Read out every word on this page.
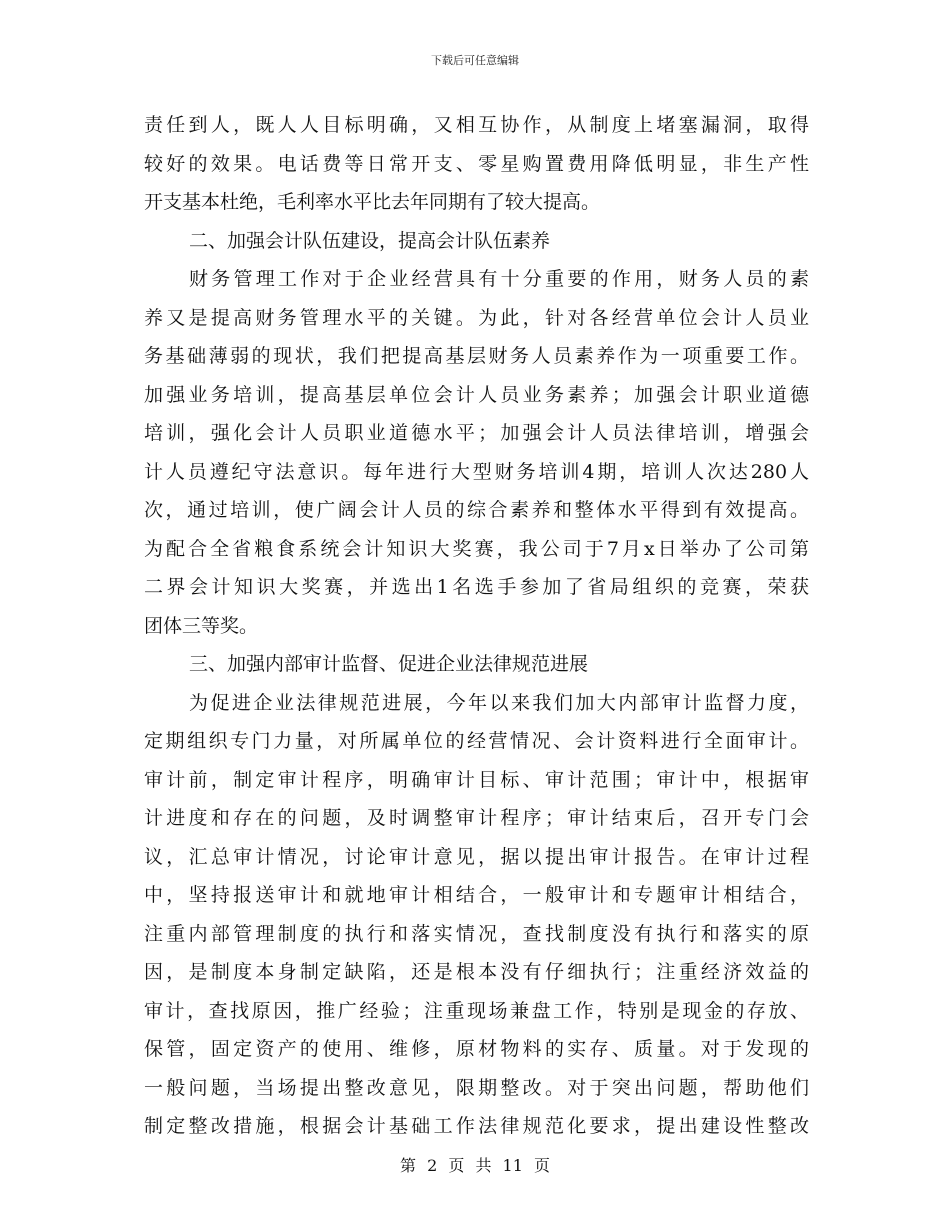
下载后可任意编辑
责任到人，既人人目标明确，又相互协作，从制度上堵塞漏洞，取得
较好的效果。电话费等日常开支、零星购置费用降低明显，非生产性
开支基本杜绝，毛利率水平比去年同期有了较大提高。
二、加强会计队伍建设，提高会计队伍素养
财务管理工作对于企业经营具有十分重要的作用，财务人员的素
养又是提高财务管理水平的关键。为此，针对各经营单位会计人员业
务基础薄弱的现状，我们把提高基层财务人员素养作为一项重要工作。
加强业务培训，提高基层单位会计人员业务素养；加强会计职业道德
培训，强化会计人员职业道德水平；加强会计人员法律培训，增强会
计人员遵纪守法意识。每年进行大型财务培训4期，培训人次达280人
次，通过培训，使广阔会计人员的综合素养和整体水平得到有效提高。
为配合全省粮食系统会计知识大奖赛，我公司于7月x日举办了公司第
二界会计知识大奖赛，并选出1名选手参加了省局组织的竞赛，荣获
团体三等奖。
三、加强内部审计监督、促进企业法律规范进展
为促进企业法律规范进展，今年以来我们加大内部审计监督力度，
定期组织专门力量，对所属单位的经营情况、会计资料进行全面审计。
审计前，制定审计程序，明确审计目标、审计范围；审计中，根据审
计进度和存在的问题，及时调整审计程序；审计结束后，召开专门会
议，汇总审计情况，讨论审计意见，据以提出审计报告。在审计过程
中，坚持报送审计和就地审计相结合，一般审计和专题审计相结合，
注重内部管理制度的执行和落实情况，查找制度没有执行和落实的原
因，是制度本身制定缺陷，还是根本没有仔细执行；注重经济效益的
审计，查找原因，推广经验；注重现场兼盘工作，特别是现金的存放、
保管，固定资产的使用、维修，原材物料的实存、质量。对于发现的
一般问题，当场提出整改意见，限期整改。对于突出问题，帮助他们
制定整改措施，根据会计基础工作法律规范化要求，提出建设性整改
第 2 页 共 11 页
